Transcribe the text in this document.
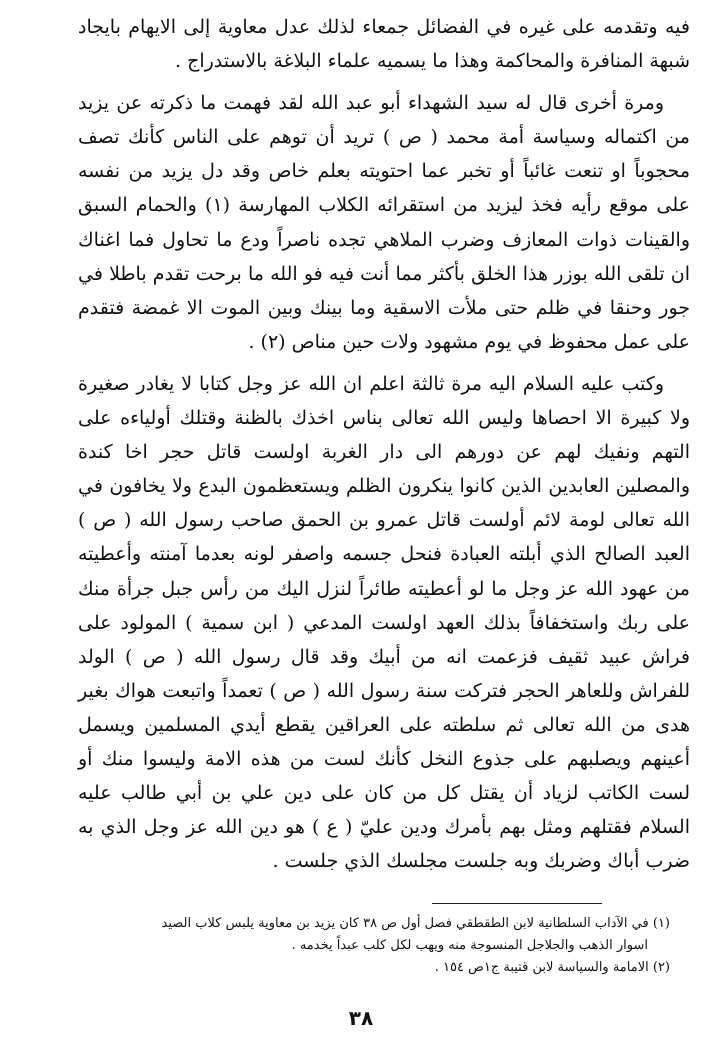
فيه وتقدمه على غيره في الفضائل جمعاء لذلك عدل معاوية إلى الايهام بايجاد شبهة المنافرة والمحاكمة وهذا ما يسميه علماء البلاغة بالاستدراج .

ومرة أخرى قال له سيد الشهداء أبو عبد الله لقد فهمت ما ذكرته عن يزيد من اكتماله وسياسة أمة محمد ( ص ) تريد أن توهم على الناس كأنك تصف محجوباً او تنعت غائباً أو تخبر عما احتويته بعلم خاص وقد دل يزيد من نفسه على موقع رأيه فخذ ليزيد من استقرائه الكلاب المهارسة (١) والحمام السبق والقينات ذوات المعازف وضرب الملاهي تجده ناصراً ودع ما تحاول فما اغناك ان تلقى الله بوزر هذا الخلق بأكثر مما أنت فيه فو الله ما برحت تقدم باطلا في جور وحنقا في ظلم حتى ملأت الاسقية وما بينك وبين الموت الا غمضة فتقدم على عمل محفوظ في يوم مشهود ولات حين مناص (٢) .

وكتب عليه السلام اليه مرة ثالثة اعلم ان الله عز وجل كتابا لا يغادر صغيرة ولا كبيرة الا احصاها وليس الله تعالى بناس اخذك بالظنة وقتلك أولياءه على التهم ونفيك لهم عن دورهم الى دار الغربة اولست قاتل حجر اخا كندة والمصلين العابدين الذين كانوا ينكرون الظلم ويستعظمون البدع ولا يخافون في الله تعالى لومة لائم أولست قاتل عمرو بن الحمق صاحب رسول الله ( ص ) العبد الصالح الذي أبلته العبادة فنحل جسمه واصفر لونه بعدما آمنته وأعطيته من عهود الله عز وجل ما لو أعطيته طائراً لنزل اليك من رأس جبل جرأة منك على ربك واستخفافاً بذلك العهد اولست المدعي ( ابن سمية ) المولود على فراش عبيد ثقيف فزعمت انه من أبيك وقد قال رسول الله ( ص ) الولد للفراش وللعاهر الحجر فتركت سنة رسول الله ( ص ) تعمداً واتبعت هواك بغير هدى من الله تعالى ثم سلطته على العراقين يقطع أيدي المسلمين ويسمل أعينهم ويصلبهم على جذوع النخل كأنك لست من هذه الامة وليسوا منك أو لست الكاتب لزياد أن يقتل كل من كان على دين علي بن أبي طالب عليه السلام فقتلهم ومثل بهم بأمرك ودين عليّ ( ع ) هو دين الله عز وجل الذي به ضرب أباك وضربك وبه جلست مجلسك الذي جلست .

(١) في الآداب السلطانية لابن الطقطقي فصل أول ص ٣٨ كان يزيد بن معاوية يلبس كلاب الصيد

اسوار الذهب والجلاجل المنسوجة منه ويهب لكل كلب عبداً يخدمه .

(٢) الامامة والسياسة لابن قتيبة ج١ص ١٥٤ .

٣٨
